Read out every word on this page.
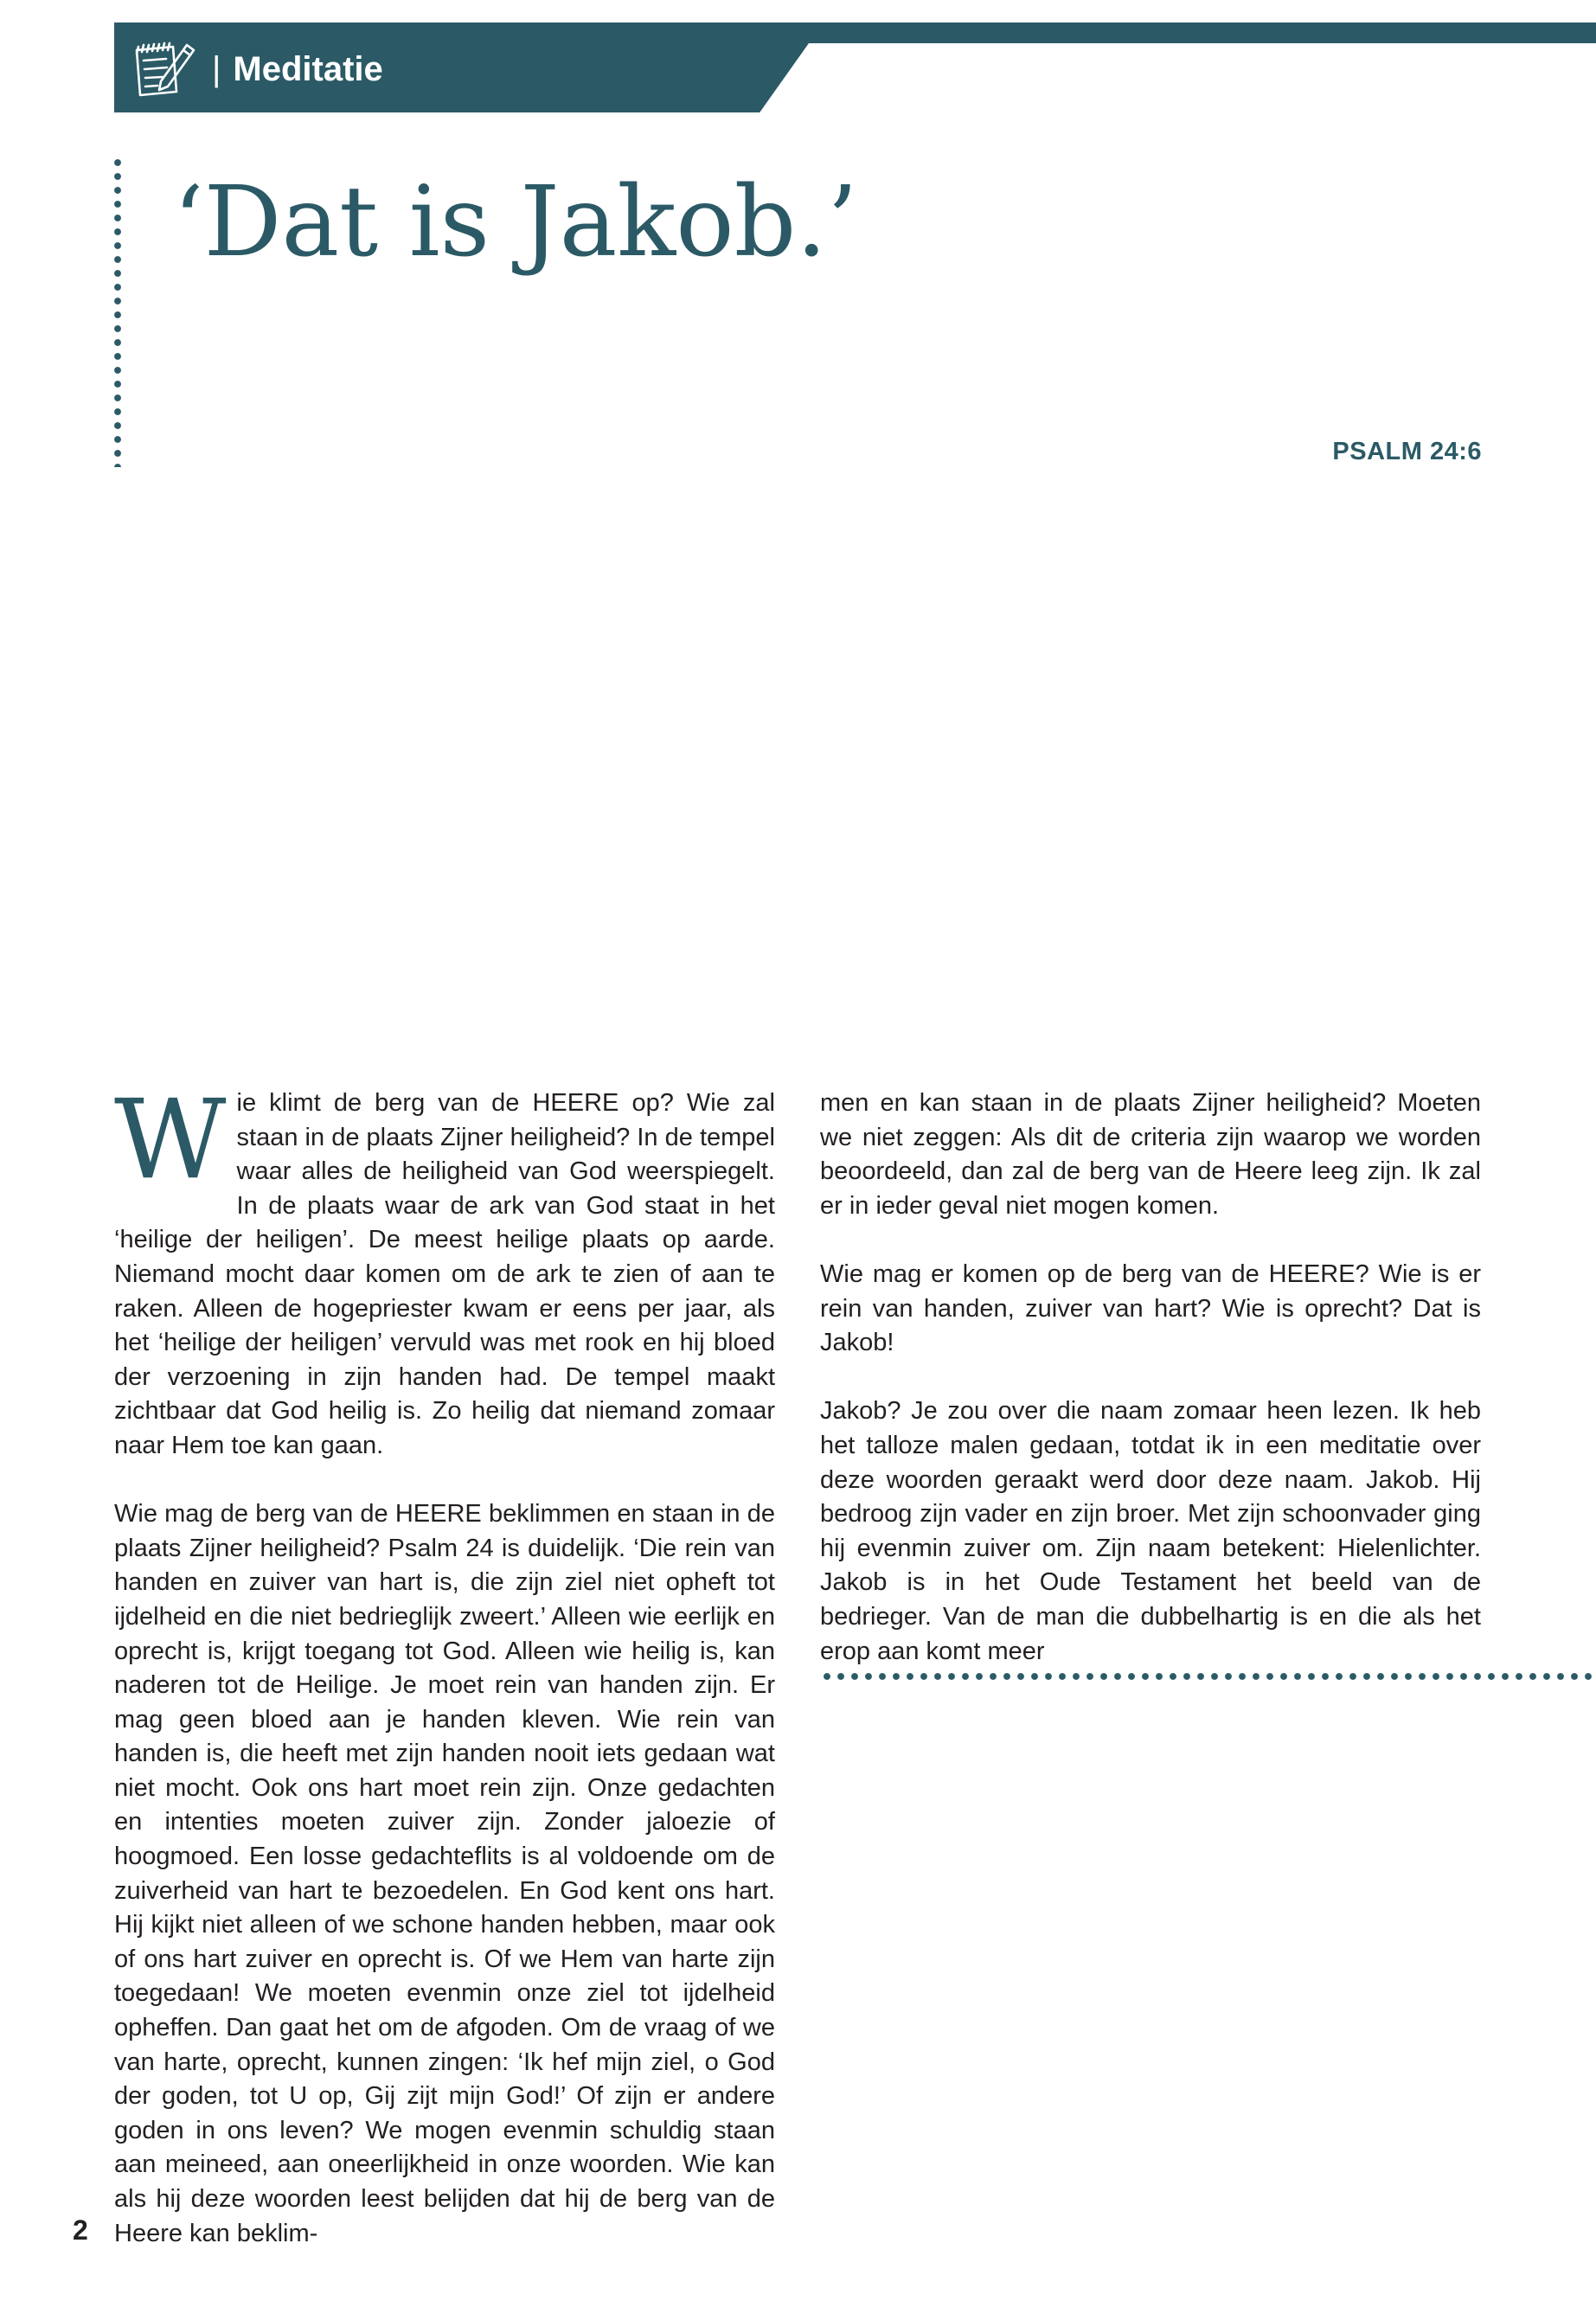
| Meditatie
‘Dat is Jakob.’
PSALM 24:6

Wie klimt de berg van de HEERE op? Wie zal staan in de plaats Zijner heiligheid? In de tempel waar alles de heiligheid van God weerspiegelt. In de plaats waar de ark van God staat in het ‘heilige der heiligen’. De meest heilige plaats op aarde. Niemand mocht daar komen om de ark te zien of aan te raken. Alleen de hogepriester kwam er eens per jaar, als het ‘heilige der heiligen’ vervuld was met rook en hij bloed der verzoening in zijn handen had. De tempel maakt zichtbaar dat God heilig is. Zo heilig dat niemand zomaar naar Hem toe kan gaan.

Wie mag de berg van de HEERE beklimmen en staan in de plaats Zijner heiligheid? Psalm 24 is duidelijk. ‘Die rein van handen en zuiver van hart is, die zijn ziel niet opheft tot ijdelheid en die niet bedrieglijk zweert.’ Alleen wie eerlijk en oprecht is, krijgt toegang tot God. Alleen wie heilig is, kan naderen tot de Heilige. Je moet rein van handen zijn. Er mag geen bloed aan je handen kleven. Wie rein van handen is, die heeft met zijn handen nooit iets gedaan wat niet mocht. Ook ons hart moet rein zijn. Onze gedachten en intenties moeten zuiver zijn. Zonder jaloezie of hoogmoed. Een losse gedachteflits is al voldoende om de zuiverheid van hart te bezoedelen. En God kent ons hart. Hij kijkt niet alleen of we schone handen hebben, maar ook of ons hart zuiver en oprecht is. Of we Hem van harte zijn toegedaan! We moeten evenmin onze ziel tot ijdelheid opheffen. Dan gaat het om de afgoden. Om de vraag of we van harte, oprecht, kunnen zingen: ‘Ik hef mijn ziel, o God der goden, tot U op, Gij zijt mijn God!’ Of zijn er andere goden in ons leven? We mogen evenmin schuldig staan aan meineed, aan oneerlijkheid in onze woorden. Wie kan als hij deze woorden leest belijden dat hij de berg van de Heere kan beklim-

men en kan staan in de plaats Zijner heiligheid? Moeten we niet zeggen: Als dit de criteria zijn waarop we worden beoordeeld, dan zal de berg van de Heere leeg zijn. Ik zal er in ieder geval niet mogen komen.

Wie mag er komen op de berg van de HEERE? Wie is er rein van handen, zuiver van hart? Wie is oprecht? Dat is Jakob!

Jakob? Je zou over die naam zomaar heen lezen. Ik heb het talloze malen gedaan, totdat ik in een meditatie over deze woorden geraakt werd door deze naam. Jakob. Hij bedroog zijn vader en zijn broer. Met zijn schoonvader ging hij evenmin zuiver om. Zijn naam betekent: Hielenlichter. Jakob is in het Oude Testament het beeld van de bedrieger. Van de man die dubbelhartig is en die als het erop aan komt meer

2
